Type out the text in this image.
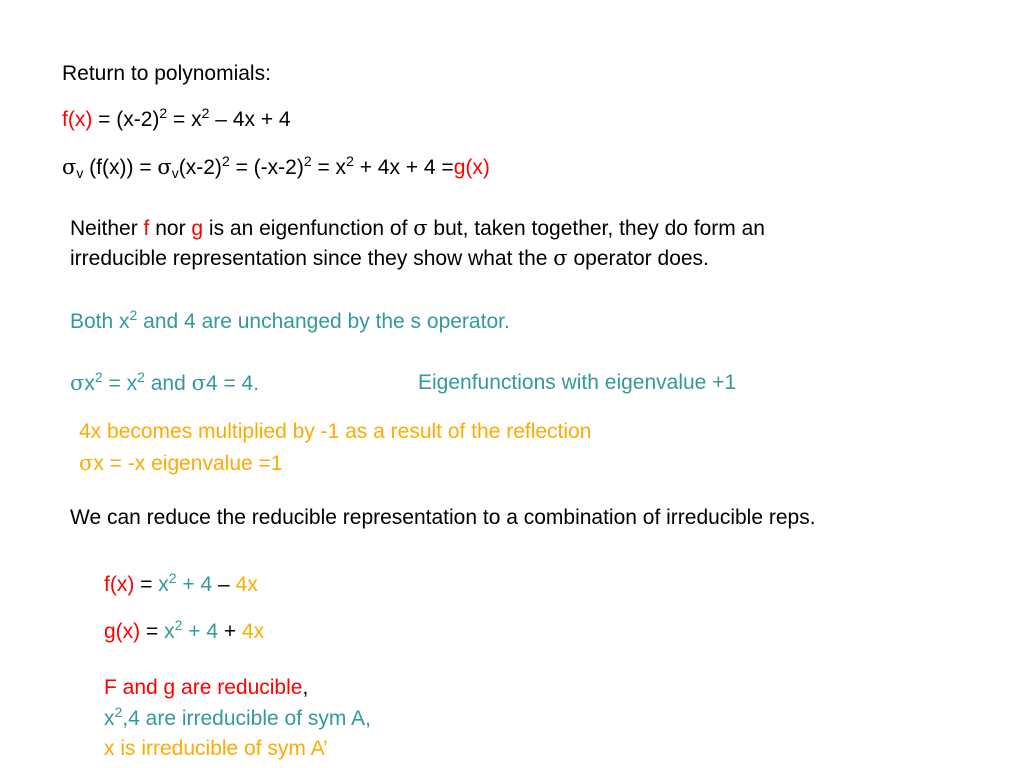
Return to polynomials:
$f(x) = (x-2)^2 = x^2 - 4x + 4$
$\sigma_v$ $(f(x)) = \sigma_v(x-2)^2 = (-x-2)^2 = x^2 + 4x + 4 =g(x)$
Neither f nor g is an eigenfunction of σ but, taken together, they do form an
irreducible representation since they show what the σ operator does.
Both $x^2$ and 4 are unchanged by the s operator.
$\sigma x^2 = x^2$ and σ4 = 4.	Eigenfunctions with eigenvalue +1
4x becomes multiplied by -1 as a result of the reflection
σx = -x eigenvalue =1
We can reduce the reducible representation to a combination of irreducible reps.
$f(x) = x^2 + 4 - 4x$
$g(x) = x^2 + 4 + 4x$
F and g are reducible,
$x^2,4$ are irreducible of sym A,
x is irreducible of sym A’
